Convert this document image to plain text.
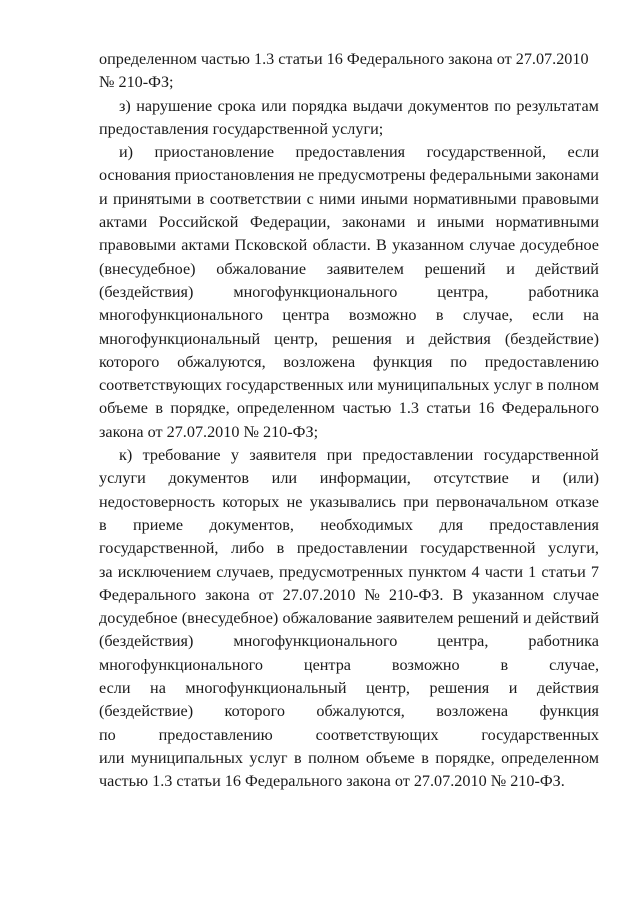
определенном частью 1.3 статьи 16 Федерального закона от 27.07.2010
№ 210-ФЗ;
з) нарушение срока или порядка выдачи документов по результатам
предоставления государственной услуги;
и) приостановление предоставления государственной, если
основания приостановления не предусмотрены федеральными законами
и принятыми в соответствии с ними иными нормативными правовыми
актами Российской Федерации, законами и иными нормативными
правовыми актами Псковской области. В указанном случае досудебное
(внесудебное) обжалование заявителем решений и действий
(бездействия) многофункционального центра, работника
многофункционального центра возможно в случае, если на
многофункциональный центр, решения и действия (бездействие)
которого обжалуются, возложена функция по предоставлению
соответствующих государственных или муниципальных услуг в полном
объеме в порядке, определенном частью 1.3 статьи 16 Федерального
закона от 27.07.2010 № 210-ФЗ;
к) требование у заявителя при предоставлении государственной
услуги документов или информации, отсутствие и (или)
недостоверность которых не указывались при первоначальном отказе
в приеме документов, необходимых для предоставления
государственной, либо в предоставлении государственной услуги,
за исключением случаев, предусмотренных пунктом 4 части 1 статьи 7
Федерального закона от 27.07.2010 № 210-ФЗ. В указанном случае
досудебное (внесудебное) обжалование заявителем решений и действий
(бездействия) многофункционального центра, работника
многофункционального	центра	возможно	в	случае,
если на многофункциональный центр, решения и действия
(бездействие) которого обжалуются, возложена функция
по	предоставлению	соответствующих	государственных
или муниципальных услуг в полном объеме в порядке, определенном
частью 1.3 статьи 16 Федерального закона от 27.07.2010 № 210-ФЗ.
